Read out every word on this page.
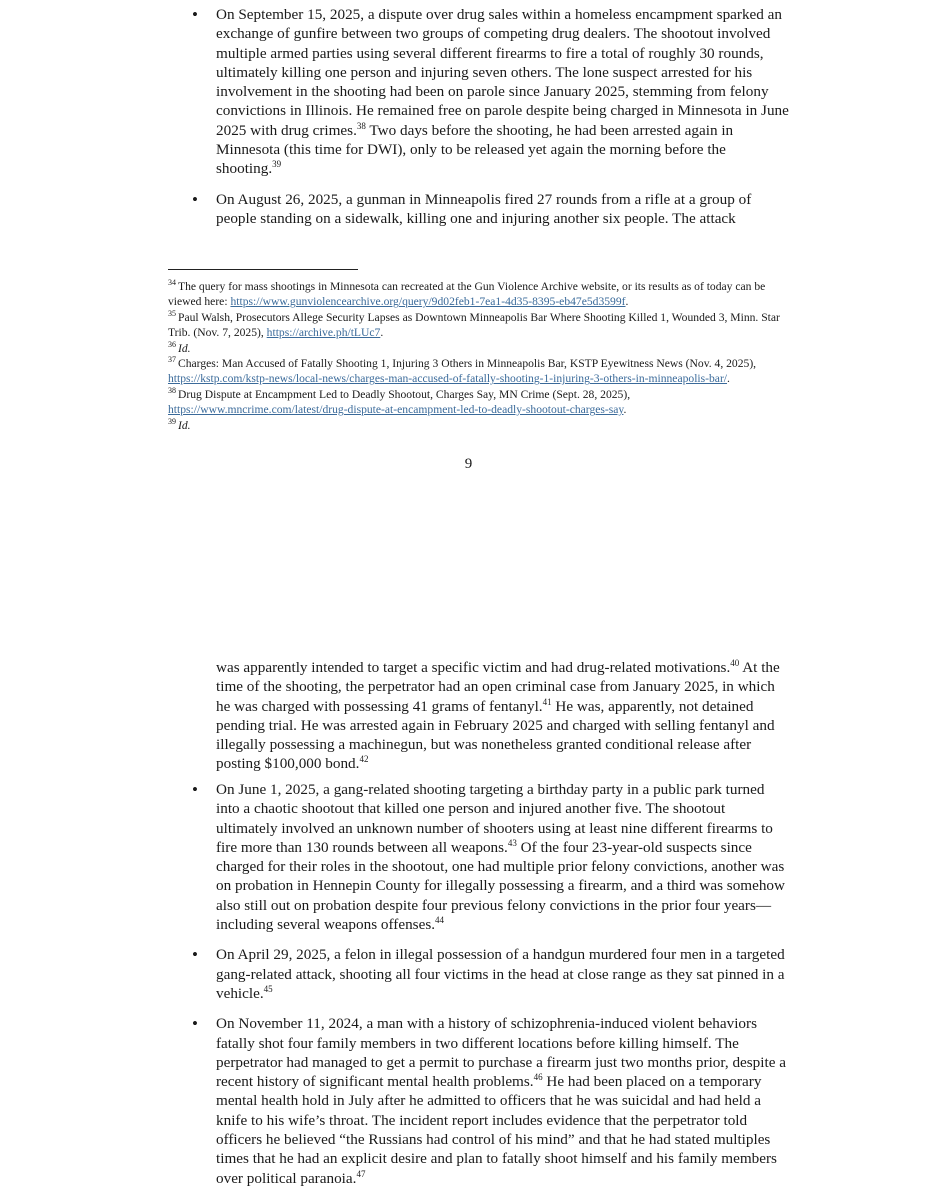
• On September 15, 2025, a dispute over drug sales within a homeless encampment sparked an exchange of gunfire between two groups of competing drug dealers. The shootout involved multiple armed parties using several different firearms to fire a total of roughly 30 rounds, ultimately killing one person and injuring seven others. The lone suspect arrested for his involvement in the shooting had been on parole since January 2025, stemming from felony convictions in Illinois. He remained free on parole despite being charged in Minnesota in June 2025 with drug crimes.$^{38}$ Two days before the shooting, he had been arrested again in Minnesota (this time for DWI), only to be released yet again the morning before the shooting.$^{39}$
• On August 26, 2025, a gunman in Minneapolis fired 27 rounds from a rifle at a group of people standing on a sidewalk, killing one and injuring another six people. The attack

$^{34}$ The query for mass shootings in Minnesota can recreated at the Gun Violence Archive website, or its results as of today can be viewed here: https://www.gunviolencearchive.org/query/9d02feb1-7ea1-4d35-8395-eb47e5d3599f.

$^{35}$ Paul Walsh, Prosecutors Allege Security Lapses as Downtown Minneapolis Bar Where Shooting Killed 1, Wounded 3, Minn. Star Trib. (Nov. 7, 2025), https://archive.ph/tLUc7.

$^{36}$ Id.

$^{37}$ Charges: Man Accused of Fatally Shooting 1, Injuring 3 Others in Minneapolis Bar, KSTP Eyewitness News (Nov. 4, 2025), https://kstp.com/kstp-news/local-news/charges-man-accused-of-fatally-shooting-1-injuring-3-others-in-minneapolis-bar/.

$^{38}$ Drug Dispute at Encampment Led to Deadly Shootout, Charges Say, MN Crime (Sept. 28, 2025), https://www.mncrime.com/latest/drug-dispute-at-encampment-led-to-deadly-shootout-charges-say.

$^{39}$ Id.

9

was apparently intended to target a specific victim and had drug-related motivations.$^{40}$ At the time of the shooting, the perpetrator had an open criminal case from January 2025, in which he was charged with possessing 41 grams of fentanyl.$^{41}$ He was, apparently, not detained pending trial. He was arrested again in February 2025 and charged with selling fentanyl and illegally possessing a machinegun, but was nonetheless granted conditional release after posting $100,000 bond.$^{42}$

• On June 1, 2025, a gang-related shooting targeting a birthday party in a public park turned into a chaotic shootout that killed one person and injured another five. The shootout ultimately involved an unknown number of shooters using at least nine different firearms to fire more than 130 rounds between all weapons.$^{43}$ Of the four 23-year-old suspects since charged for their roles in the shootout, one had multiple prior felony convictions, another was on probation in Hennepin County for illegally possessing a firearm, and a third was somehow also still out on probation despite four previous felony convictions in the prior four years—including several weapons offenses.$^{44}$
• On April 29, 2025, a felon in illegal possession of a handgun murdered four men in a targeted gang-related attack, shooting all four victims in the head at close range as they sat pinned in a vehicle.$^{45}$
• On November 11, 2024, a man with a history of schizophrenia-induced violent behaviors fatally shot four family members in two different locations before killing himself. The perpetrator had managed to get a permit to purchase a firearm just two months prior, despite a recent history of significant mental health problems.$^{46}$ He had been placed on a temporary mental health hold in July after he admitted to officers that he was suicidal and had held a knife to his wife’s throat. The incident report includes evidence that the perpetrator told officers he believed “the Russians had control of his mind” and that he had stated multiples times that he had an explicit desire and plan to fatally shoot himself and his family members over political paranoia.$^{47}$
